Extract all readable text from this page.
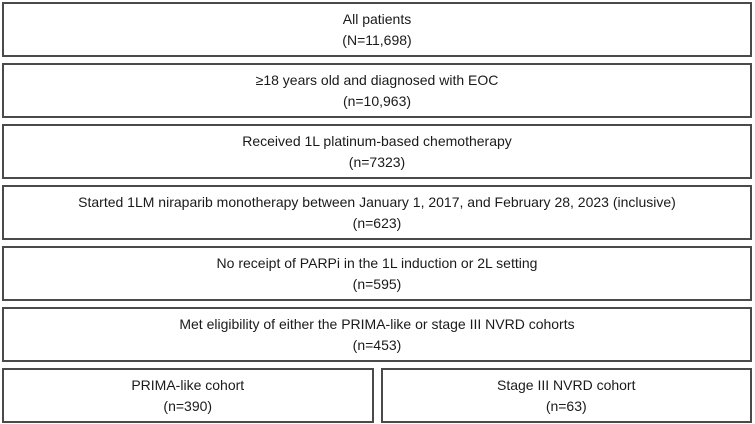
All patients
(N=11,698)
≥18 years old and diagnosed with EOC
(n=10,963)
Received 1L platinum-based chemotherapy
(n=7323)
Started 1LM niraparib monotherapy between January 1, 2017, and February 28, 2023 (inclusive)
(n=623)
No receipt of PARPi in the 1L induction or 2L setting
(n=595)
Met eligibility of either the PRIMA-like or stage III NVRD cohorts
(n=453)
PRIMA-like cohort
(n=390)
Stage III NVRD cohort
(n=63)
